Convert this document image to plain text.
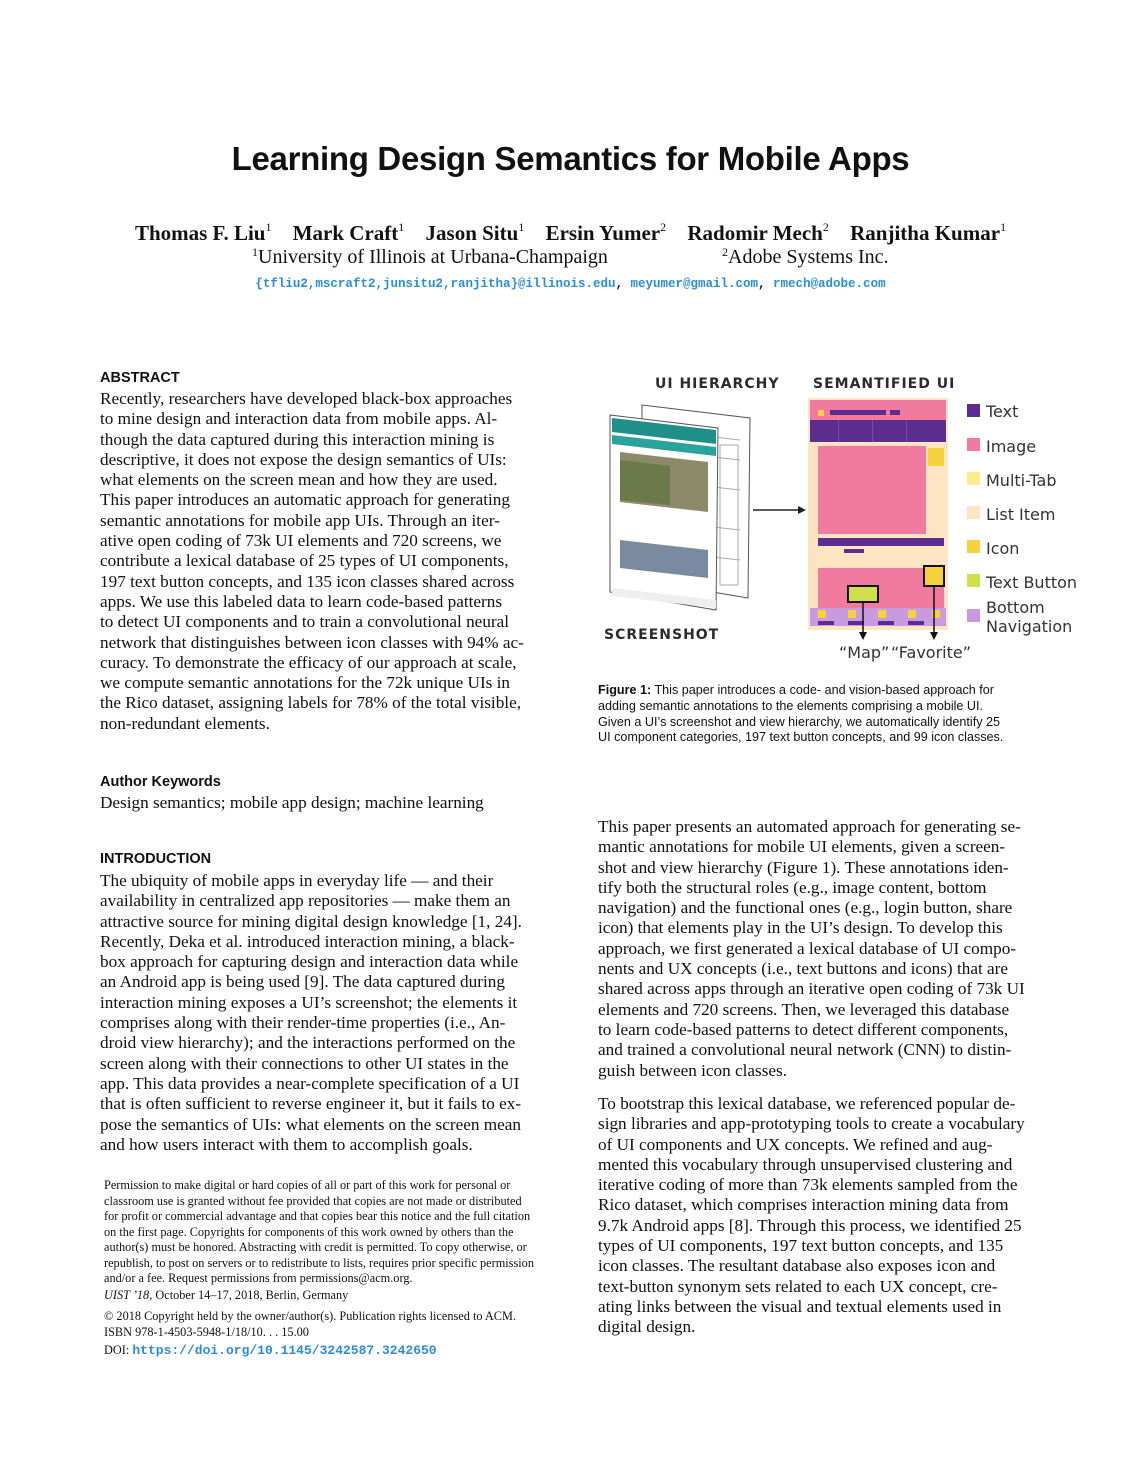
Learning Design Semantics for Mobile Apps
Thomas F. Liu$^1$ Mark Craft$^1$ Jason Situ$^1$ Ersin Yumer$^2$ Radomir Mech$^2$ Ranjitha Kumar$^1$
$^1$University of Illinois at Urbana-Champaign	$^2$Adobe Systems Inc.
{tfliu2,mscraft2,junsitu2,ranjitha}@illinois.edu, meyumer@gmail.com, rmech@adobe.com
ABSTRACT
Recently, researchers have developed black-box approaches
to mine design and interaction data from mobile apps. Al-
though the data captured during this interaction mining is
descriptive, it does not expose the design semantics of UIs:
what elements on the screen mean and how they are used.
This paper introduces an automatic approach for generating
semantic annotations for mobile app UIs. Through an iter-
ative open coding of 73k UI elements and 720 screens, we
contribute a lexical database of 25 types of UI components,
197 text button concepts, and 135 icon classes shared across
apps. We use this labeled data to learn code-based patterns
to detect UI components and to train a convolutional neural
network that distinguishes between icon classes with 94% ac-
curacy. To demonstrate the efficacy of our approach at scale,
we compute semantic annotations for the 72k unique UIs in
the Rico dataset, assigning labels for 78% of the total visible,
non-redundant elements.
Author Keywords
Design semantics; mobile app design; machine learning
INTRODUCTION
The ubiquity of mobile apps in everyday life — and their
availability in centralized app repositories — make them an
attractive source for mining digital design knowledge [1, 24].
Recently, Deka et al. introduced interaction mining, a black-
box approach for capturing design and interaction data while
an Android app is being used [9]. The data captured during
interaction mining exposes a UI’s screenshot; the elements it
comprises along with their render-time properties (i.e., An-
droid view hierarchy); and the interactions performed on the
screen along with their connections to other UI states in the
app. This data provides a near-complete specification of a UI
that is often sufficient to reverse engineer it, but it fails to ex-
pose the semantics of UIs: what elements on the screen mean
and how users interact with them to accomplish goals.
Permission to make digital or hard copies of all or part of this work for personal or
classroom use is granted without fee provided that copies are not made or distributed
for profit or commercial advantage and that copies bear this notice and the full citation
on the first page. Copyrights for components of this work owned by others than the
author(s) must be honored. Abstracting with credit is permitted. To copy otherwise, or
republish, to post on servers or to redistribute to lists, requires prior specific permission
and/or a fee. Request permissions from permissions@acm.org.
UIST ’18, October 14–17, 2018, Berlin, Germany
© 2018 Copyright held by the owner/author(s). Publication rights licensed to ACM.
ISBN 978-1-4503-5948-1/18/10. . . 15.00
DOI: https://doi.org/10.1145/3242587.3242650
UI HIERARCHY SEMANTIFIED UI
SCREENSHOT
“Map” “Favorite”
Text
Image
Multi-Tab
List Item
Icon
Text Button
Bottom
Navigation
Figure 1: This paper introduces a code- and vision-based approach for
adding semantic annotations to the elements comprising a mobile UI.
Given a UI’s screenshot and view hierarchy, we automatically identify 25
UI component categories, 197 text button concepts, and 99 icon classes.
This paper presents an automated approach for generating se-
mantic annotations for mobile UI elements, given a screen-
shot and view hierarchy (Figure 1). These annotations iden-
tify both the structural roles (e.g., image content, bottom
navigation) and the functional ones (e.g., login button, share
icon) that elements play in the UI’s design. To develop this
approach, we first generated a lexical database of UI compo-
nents and UX concepts (i.e., text buttons and icons) that are
shared across apps through an iterative open coding of 73k UI
elements and 720 screens. Then, we leveraged this database
to learn code-based patterns to detect different components,
and trained a convolutional neural network (CNN) to distin-
guish between icon classes.
To bootstrap this lexical database, we referenced popular de-
sign libraries and app-prototyping tools to create a vocabulary
of UI components and UX concepts. We refined and aug-
mented this vocabulary through unsupervised clustering and
iterative coding of more than 73k elements sampled from the
Rico dataset, which comprises interaction mining data from
9.7k Android apps [8]. Through this process, we identified 25
types of UI components, 197 text button concepts, and 135
icon classes. The resultant database also exposes icon and
text-button synonym sets related to each UX concept, cre-
ating links between the visual and textual elements used in
digital design.
